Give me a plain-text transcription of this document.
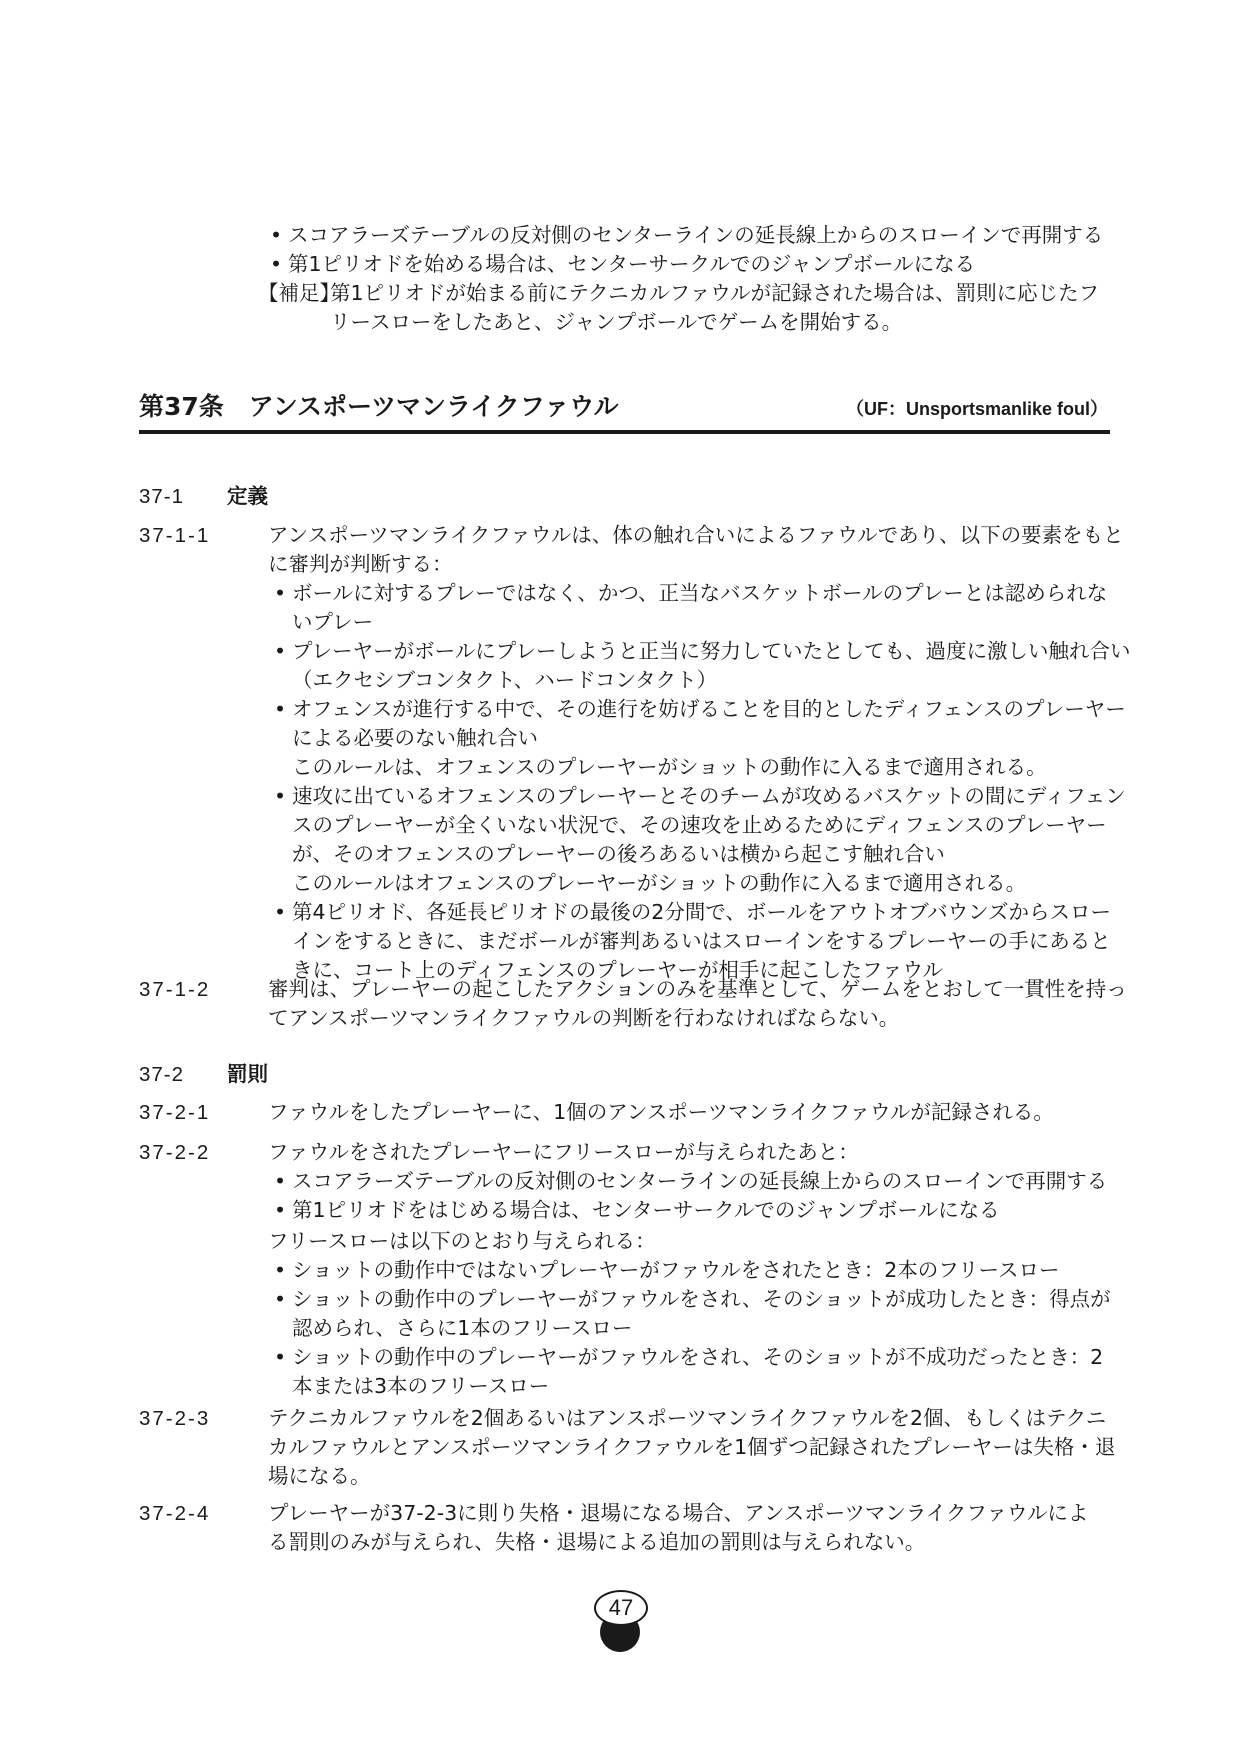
• スコアラーズテーブルの反対側のセンターラインの延長線上からのスローインで再開する
• 第1ピリオドを始める場合は、センターサークルでのジャンプボールになる
【補足】
第1ピリオドが始まる前にテクニカルファウルが記録された場合は、罰則に応じたフ
リースローをしたあと、ジャンプボールでゲームを開始する。
第37条　アンスポーツマンライクファウル	（UF：Unsportsmanlike foul）
37-1 定義
37-1-1	アンスポーツマンライクファウルは、体の触れ合いによるファウルであり、以下の要素をもと

に審判が判断する：

• ボールに対するプレーではなく、かつ、正当なバスケットボールのプレーとは認められな
いプレー
• プレーヤーがボールにプレーしようと正当に努力していたとしても、過度に激しい触れ合い
（エクセシブコンタクト、ハードコンタクト）
• オフェンスが進行する中で、その進行を妨げることを目的としたディフェンスのプレーヤー
による必要のない触れ合い
このルールは、オフェンスのプレーヤーがショットの動作に入るまで適用される。
• 速攻に出ているオフェンスのプレーヤーとそのチームが攻めるバスケットの間にディフェン
スのプレーヤーが全くいない状況で、その速攻を止めるためにディフェンスのプレーヤー
が、そのオフェンスのプレーヤーの後ろあるいは横から起こす触れ合い
このルールはオフェンスのプレーヤーがショットの動作に入るまで適用される。
• 第4ピリオド、各延長ピリオドの最後の2分間で、ボールをアウトオブバウンズからスロー
インをするときに、まだボールが審判あるいはスローインをするプレーヤーの手にあると
きに、コート上のディフェンスのプレーヤーが相手に起こしたファウル
37-1-2	審判は、プレーヤーの起こしたアクションのみを基準として、ゲームをとおして一貫性を持っ

てアンスポーツマンライクファウルの判断を行わなければならない。

37-2 罰則
37-2-1	ファウルをしたプレーヤーに、1個のアンスポーツマンライクファウルが記録される。

37-2-2	ファウルをされたプレーヤーにフリースローが与えられたあと：

• スコアラーズテーブルの反対側のセンターラインの延長線上からのスローインで再開する
• 第1ピリオドをはじめる場合は、センターサークルでのジャンプボールになる

フリースローは以下のとおり与えられる：

• ショットの動作中ではないプレーヤーがファウルをされたとき：2本のフリースロー
• ショットの動作中のプレーヤーがファウルをされ、そのショットが成功したとき：得点が
認められ、さらに1本のフリースロー
• ショットの動作中のプレーヤーがファウルをされ、そのショットが不成功だったとき：2
本または3本のフリースロー
37-2-3	テクニカルファウルを2個あるいはアンスポーツマンライクファウルを2個、もしくはテクニ

カルファウルとアンスポーツマンライクファウルを1個ずつ記録されたプレーヤーは失格・退

場になる。

37-2-4	プレーヤーが37-2-3に則り失格・退場になる場合、アンスポーツマンライクファウルによ

る罰則のみが与えられ、失格・退場による追加の罰則は与えられない。

47
